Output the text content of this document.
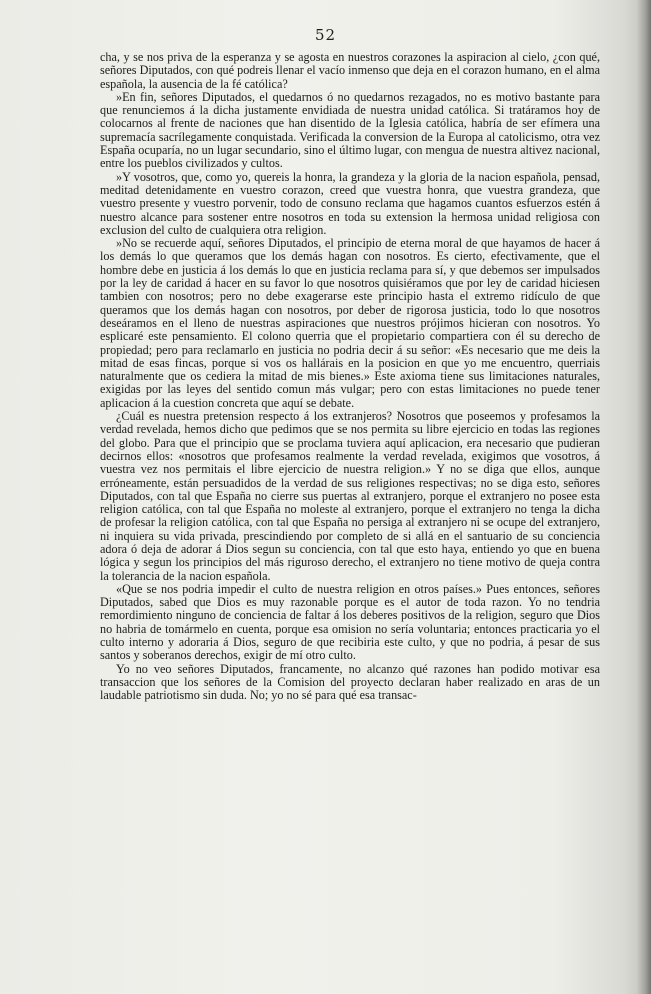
52

cha, y se nos priva de la esperanza y se agosta en nuestros corazones la aspiracion al cielo, ¿con qué, señores Diputados, con qué podreis llenar el vacío inmenso que deja en el corazon humano, en el alma española, la ausencia de la fé católica?

»En fin, señores Diputados, el quedarnos ó no quedarnos rezagados, no es motivo bastante para que renunciemos á la dicha justamente envidiada de nuestra unidad católica. Si tratáramos hoy de colocarnos al frente de naciones que han disentido de la Iglesia católica, habría de ser efímera una supremacía sacrílegamente conquistada. Verificada la conversion de la Europa al catolicismo, otra vez España ocuparía, no un lugar secundario, sino el último lugar, con mengua de nuestra altivez nacional, entre los pueblos civilizados y cultos.

»Y vosotros, que, como yo, quereis la honra, la grandeza y la gloria de la nacion española, pensad, meditad detenidamente en vuestro corazon, creed que vuestra honra, que vuestra grandeza, que vuestro presente y vuestro porvenir, todo de consuno reclama que hagamos cuantos esfuerzos estén á nuestro alcance para sostener entre nosotros en toda su extension la hermosa unidad religiosa con exclusion del culto de cualquiera otra religion.

»No se recuerde aquí, señores Diputados, el principio de eterna moral de que hayamos de hacer á los demás lo que queramos que los demás hagan con nosotros. Es cierto, efectivamente, que el hombre debe en justicia á los demás lo que en justicia reclama para sí, y que debemos ser impulsados por la ley de caridad á hacer en su favor lo que nosotros quisiéramos que por ley de caridad hiciesen tambien con nosotros; pero no debe exagerarse este principio hasta el extremo ridículo de que queramos que los demás hagan con nosotros, por deber de rigorosa justicia, todo lo que nosotros deseáramos en el lleno de nuestras aspiraciones que nuestros prójimos hicieran con nosotros. Yo esplicaré este pensamiento. El colono querria que el propietario compartiera con él su derecho de propiedad; pero para reclamarlo en justicia no podria decir á su señor: «Es necesario que me deis la mitad de esas fincas, porque si vos os hallárais en la posicion en que yo me encuentro, querriais naturalmente que os cediera la mitad de mis bienes.» Este axioma tiene sus limitaciones naturales, exigidas por las leyes del sentido comun más vulgar; pero con estas limitaciones no puede tener aplicacion á la cuestion concreta que aquí se debate.

¿Cuál es nuestra pretension respecto á los extranjeros? Nosotros que poseemos y profesamos la verdad revelada, hemos dicho que pedimos que se nos permita su libre ejercicio en todas las regiones del globo. Para que el principio que se proclama tuviera aquí aplicacion, era necesario que pudieran decirnos ellos: «nosotros que profesamos realmente la verdad revelada, exigimos que vosotros, á vuestra vez nos permitais el libre ejercicio de nuestra religion.» Y no se diga que ellos, aunque erróneamente, están persuadidos de la verdad de sus religiones respectivas; no se diga esto, señores Diputados, con tal que España no cierre sus puertas al extranjero, porque el extranjero no posee esta religion católica, con tal que España no moleste al extranjero, porque el extranjero no tenga la dicha de profesar la religion católica, con tal que España no persiga al extranjero ni se ocupe del extranjero, ni inquiera su vida privada, prescindiendo por completo de si allá en el santuario de su conciencia adora ó deja de adorar á Dios segun su conciencia, con tal que esto haya, entiendo yo que en buena lógica y segun los principios del más riguroso derecho, el extranjero no tiene motivo de queja contra la tolerancia de la nacion española.

«Que se nos podria impedir el culto de nuestra religion en otros países.» Pues entonces, señores Diputados, sabed que Dios es muy razonable porque es el autor de toda razon. Yo no tendria remordimiento ninguno de conciencia de faltar á los deberes positivos de la religion, seguro que Dios no habria de tomármelo en cuenta, porque esa omision no sería voluntaria; entonces practicaria yo el culto interno y adoraria á Dios, seguro de que recibiria este culto, y que no podria, á pesar de sus santos y soberanos derechos, exigir de mí otro culto.

Yo no veo señores Diputados, francamente, no alcanzo qué razones han podido motivar esa transaccion que los señores de la Comision del proyecto declaran haber realizado en aras de un laudable patriotismo sin duda. No; yo no sé para qué esa transac-
